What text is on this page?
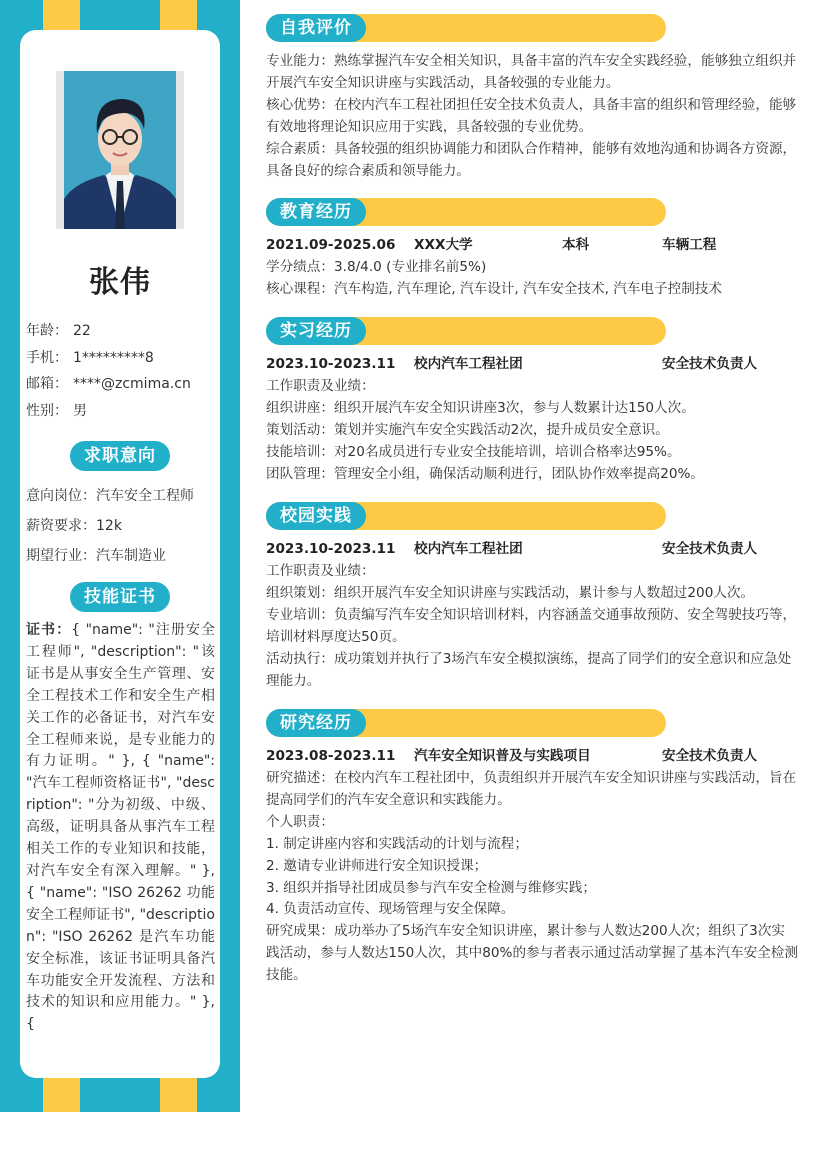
张伟
年龄： 22
手机： 1*********8
邮箱： ****@zcmima.cn
性别： 男
求职意向
意向岗位： 汽车安全工程师
薪资要求： 12k
期望行业： 汽车制造业
技能证书
证书：{ "name": "注册安全工程师", "description": "该证书是从事安全生产管理、安全工程技术工作和安全生产相关工作的必备证书，对汽车安全工程师来说，是专业能力的有力证明。" }, { "name": "汽车工程师资格证书", "description": "分为初级、中级、高级，证明具备从事汽车工程相关工作的专业知识和技能，对汽车安全有深入理解。" }, { "name": "ISO 26262 功能安全工程师证书", "description": "ISO 26262 是汽车功能安全标准，该证书证明具备汽车功能安全开发流程、方法和技术的知识和应用能力。" }, {
自我评价
专业能力：熟练掌握汽车安全相关知识，具备丰富的汽车安全实践经验，能够独立组织并开展汽车安全知识讲座与实践活动，具备较强的专业能力。
核心优势：在校内汽车工程社团担任安全技术负责人，具备丰富的组织和管理经验，能够有效地将理论知识应用于实践，具备较强的专业优势。
综合素质：具备较强的组织协调能力和团队合作精神，能够有效地沟通和协调各方资源，具备良好的综合素质和领导能力。
教育经历
2021.09-2025.06	XXX大学	本科	车辆工程
学分绩点：3.8/4.0 (专业排名前5%)
核心课程：汽车构造, 汽车理论, 汽车设计, 汽车安全技术, 汽车电子控制技术
实习经历
2023.10-2023.11	校内汽车工程社团	安全技术负责人
工作职责及业绩：
组织讲座：组织开展汽车安全知识讲座3次，参与人数累计达150人次。
策划活动：策划并实施汽车安全实践活动2次，提升成员安全意识。
技能培训：对20名成员进行专业安全技能培训，培训合格率达95%。
团队管理：管理安全小组，确保活动顺利进行，团队协作效率提高20%。
校园实践
2023.10-2023.11	校内汽车工程社团	安全技术负责人
工作职责及业绩：
组织策划：组织开展汽车安全知识讲座与实践活动，累计参与人数超过200人次。
专业培训：负责编写汽车安全知识培训材料，内容涵盖交通事故预防、安全驾驶技巧等，培训材料厚度达50页。
活动执行：成功策划并执行了3场汽车安全模拟演练，提高了同学们的安全意识和应急处理能力。
研究经历
2023.08-2023.11	汽车安全知识普及与实践项目	安全技术负责人
研究描述：在校内汽车工程社团中，负责组织并开展汽车安全知识讲座与实践活动，旨在提高同学们的汽车安全意识和实践能力。
个人职责：
1. 制定讲座内容和实践活动的计划与流程；
2. 邀请专业讲师进行安全知识授课；
3. 组织并指导社团成员参与汽车安全检测与维修实践；
4. 负责活动宣传、现场管理与安全保障。
研究成果：成功举办了5场汽车安全知识讲座，累计参与人数达200人次；组织了3次实践活动，参与人数达150人次，其中80%的参与者表示通过活动掌握了基本汽车安全检测技能。
